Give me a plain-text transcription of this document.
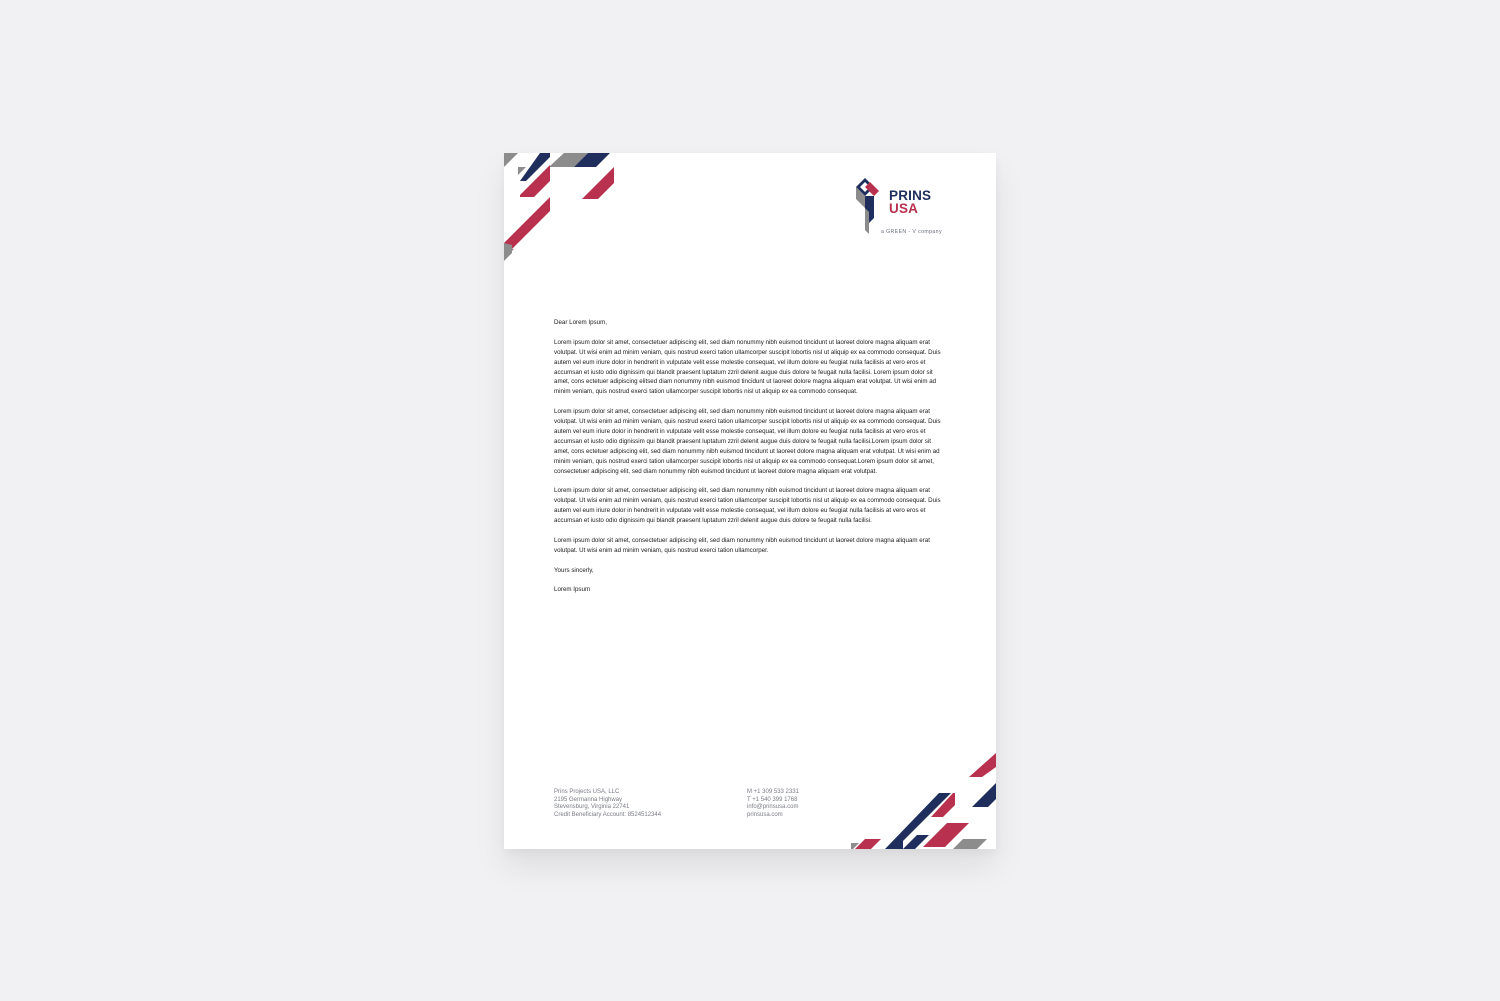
PRINS
USA
a GREEN - V company

Dear Lorem Ipsum,

Lorem ipsum dolor sit amet, consectetuer adipiscing elit, sed diam nonummy nibh euismod tincidunt ut laoreet dolore magna aliquam erat volutpat. Ut wisi enim ad minim veniam, quis nostrud exerci tation ullamcorper suscipit lobortis nisl ut aliquip ex ea commodo consequat. Duis autem vel eum iriure dolor in hendrerit in vulputate velit esse molestie consequat, vel illum dolore eu feugiat nulla facilisis at vero eros et accumsan et iusto odio dignissim qui blandit praesent luptatum zzril delenit augue duis dolore te feugait nulla facilisi. Lorem ipsum dolor sit amet, cons ectetuer adipiscing elitsed diam nonummy nibh euismod tincidunt ut laoreet dolore magna aliquam erat volutpat. Ut wisi enim ad minim veniam, quis nostrud exerci tation ullamcorper suscipit lobortis nisl ut aliquip ex ea commodo consequat.

Lorem ipsum dolor sit amet, consectetuer adipiscing elit, sed diam nonummy nibh euismod tincidunt ut laoreet dolore magna aliquam erat volutpat. Ut wisi enim ad minim veniam, quis nostrud exerci tation ullamcorper suscipit lobortis nisl ut aliquip ex ea commodo consequat. Duis autem vel eum iriure dolor in hendrerit in vulputate velit esse molestie consequat, vel illum dolore eu feugiat nulla facilisis at vero eros et accumsan et iusto odio dignissim qui blandit praesent luptatum zzril delenit augue duis dolore te feugait nulla facilisi.Lorem ipsum dolor sit amet, cons ectetuer adipiscing elit, sed diam nonummy nibh euismod tincidunt ut laoreet dolore magna aliquam erat volutpat. Ut wisi enim ad minim veniam, quis nostrud exerci tation ullamcorper suscipit lobortis nisl ut aliquip ex ea commodo consequat.Lorem ipsum dolor sit amet, consectetuer adipiscing elit, sed diam nonummy nibh euismod tincidunt ut laoreet dolore magna aliquam erat volutpat.

Lorem ipsum dolor sit amet, consectetuer adipiscing elit, sed diam nonummy nibh euismod tincidunt ut laoreet dolore magna aliquam erat volutpat. Ut wisi enim ad minim veniam, quis nostrud exerci tation ullamcorper suscipit lobortis nisl ut aliquip ex ea commodo consequat. Duis autem vel eum iriure dolor in hendrerit in vulputate velit esse molestie consequat, vel illum dolore eu feugiat nulla facilisis at vero eros et accumsan et iusto odio dignissim qui blandit praesent luptatum zzril delenit augue duis dolore te feugait nulla facilisi.

Lorem ipsum dolor sit amet, consectetuer adipiscing elit, sed diam nonummy nibh euismod tincidunt ut laoreet dolore magna aliquam erat volutpat. Ut wisi enim ad minim veniam, quis nostrud exerci tation ullamcorper.

Yours sincerly,

Lorem Ipsum

Prins Projects USA, LLC
2195 Germanna Highway
Stevensburg, Virginia 22741
Credit Beneficiary Account: 8524512344
M +1 309 533 2331
T +1 540 399 1768
info@prinsusa.com
prinsusa.com
